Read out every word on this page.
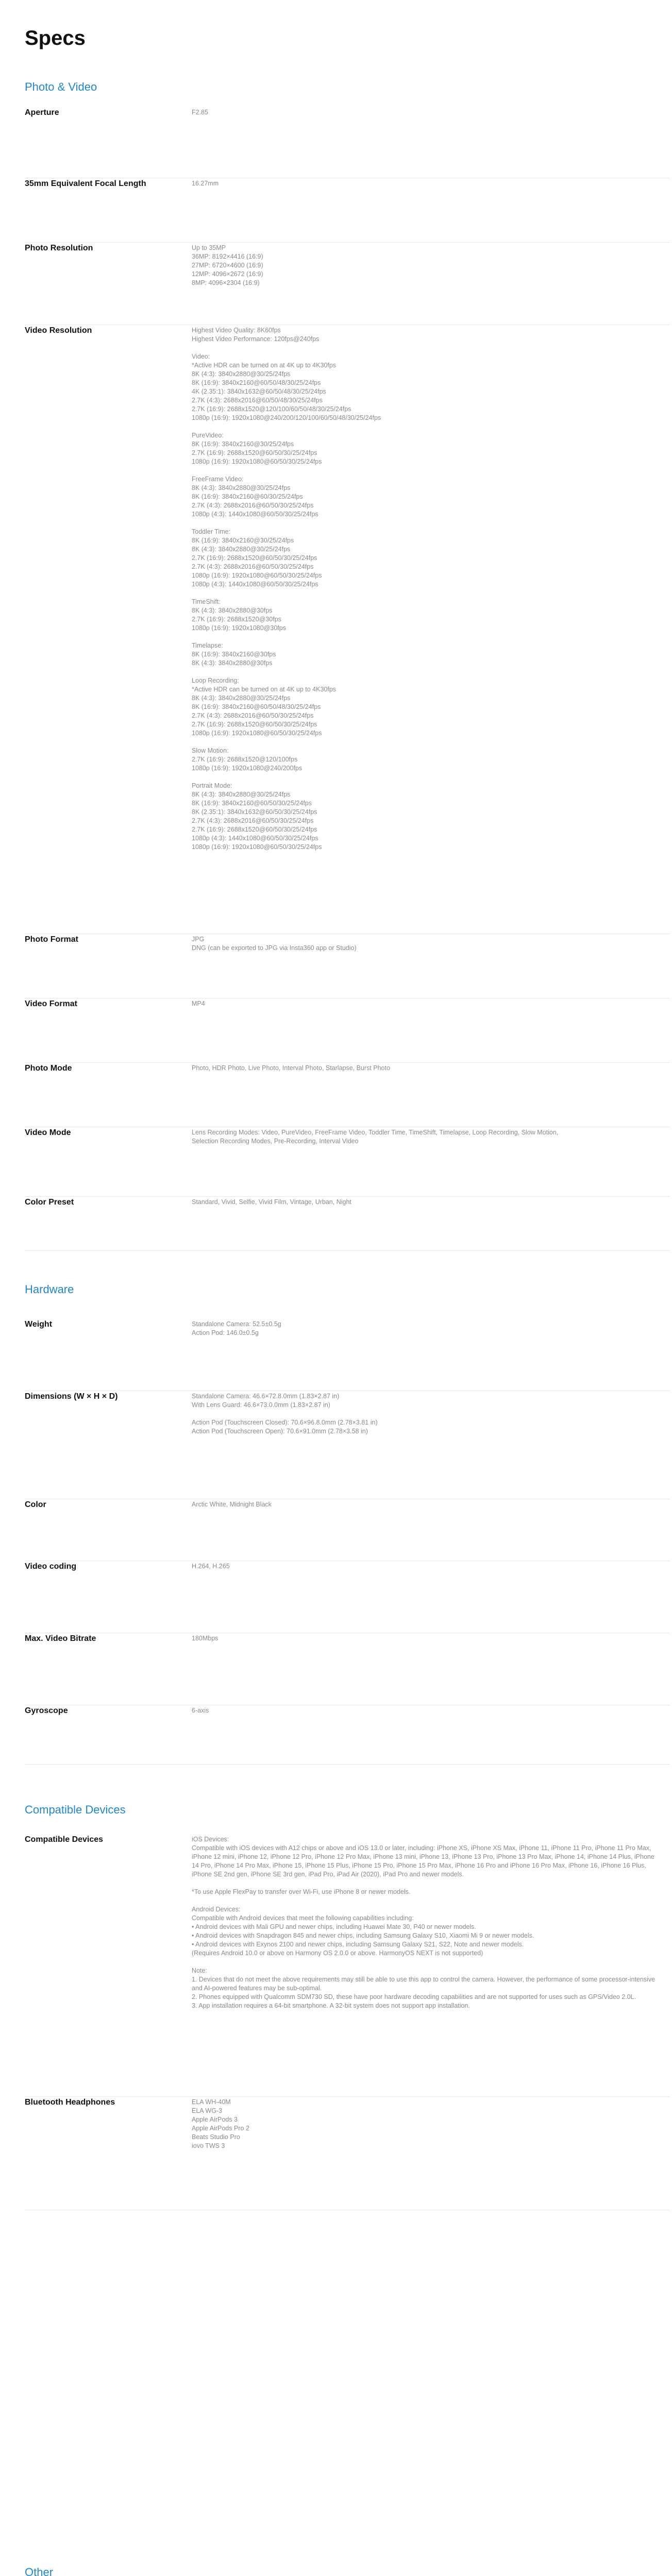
Specs
Photo & Video
Aperture	F2.85
35mm Equivalent Focal Length	16.27mm
Photo Resolution	Up to 35MP
36MP: 8192×4416 (16:9)
27MP: 6720×4600 (16:9)
12MP: 4096×2672 (16:9)
8MP: 4096×2304 (16:9)
Video Resolution	Highest Video Quality: 8K60fps
Highest Video Performance: 120fps@240fps

Video:
*Active HDR can be turned on at 4K up to 4K30fps
8K (4:3): 3840x2880@30/25/24fps
8K (16:9): 3840x2160@60/50/48/30/25/24fps
4K (2.35:1): 3840x1632@60/50/48/30/25/24fps
2.7K (4:3): 2688x2016@60/50/48/30/25/24fps
2.7K (16:9): 2688x1520@120/100/60/50/48/30/25/24fps
1080p (16:9): 1920x1080@240/200/120/100/60/50/48/30/25/24fps

PureVideo:
8K (16:9): 3840x2160@30/25/24fps
2.7K (16:9): 2688x1520@60/50/30/25/24fps
1080p (16:9): 1920x1080@60/50/30/25/24fps

FreeFrame Video:
8K (4:3): 3840x2880@30/25/24fps
8K (16:9): 3840x2160@60/30/25/24fps
2.7K (4:3): 2688x2016@60/50/30/25/24fps
1080p (4:3): 1440x1080@60/50/30/25/24fps

Toddler Time:
8K (16:9): 3840x2160@30/25/24fps
8K (4:3): 3840x2880@30/25/24fps
2.7K (16:9): 2688x1520@60/50/30/25/24fps
2.7K (4:3): 2688x2016@60/50/30/25/24fps
1080p (16:9): 1920x1080@60/50/30/25/24fps
1080p (4:3): 1440x1080@60/50/30/25/24fps

TimeShift:
8K (4:3): 3840x2880@30fps
2.7K (16:9): 2688x1520@30fps
1080p (16:9): 1920x1080@30fps

Timelapse:
8K (16:9): 3840x2160@30fps
8K (4:3): 3840x2880@30fps

Loop Recording:
*Active HDR can be turned on at 4K up to 4K30fps
8K (4:3): 3840x2880@30/25/24fps
8K (16:9): 3840x2160@60/50/48/30/25/24fps
2.7K (4:3): 2688x2016@60/50/30/25/24fps
2.7K (16:9): 2688x1520@60/50/30/25/24fps
1080p (16:9): 1920x1080@60/50/30/25/24fps

Slow Motion:
2.7K (16:9): 2688x1520@120/100fps
1080p (16:9): 1920x1080@240/200fps

Portrait Mode:
8K (4:3): 3840x2880@30/25/24fps
8K (16:9): 3840x2160@60/50/30/25/24fps
8K (2.35:1): 3840x1632@60/50/30/25/24fps
2.7K (4:3): 2688x2016@60/50/30/25/24fps
2.7K (16:9): 2688x1520@60/50/30/25/24fps
1080p (4:3): 1440x1080@60/50/30/25/24fps
1080p (16:9): 1920x1080@60/50/30/25/24fps
Photo Format	JPG
DNG (can be exported to JPG via Insta360 app or Studio)
Video Format	MP4
Photo Mode	Photo, HDR Photo, Live Photo, Interval Photo, Starlapse, Burst Photo
Video Mode	Lens Recording Modes: Video, PureVideo, FreeFrame Video, Toddler Time, TimeShift, Timelapse, Loop Recording, Slow Motion,
Selection Recording Modes, Pre-Recording, Interval Video
Color Preset	Standard, Vivid, Selfie, Vivid Film, Vintage, Urban, Night
Hardware
Weight	Standalone Camera: 52.5±0.5g
Action Pod: 146.0±0.5g
Dimensions (W × H × D)	Standalone Camera: 46.6×72.8.0mm (1.83×2.87 in)
With Lens Guard: 46.6×73.0.0mm (1.83×2.87 in)

Action Pod (Touchscreen Closed): 70.6×96.8.0mm (2.78×3.81 in)
Action Pod (Touchscreen Open): 70.6×91.0mm (2.78×3.58 in)
Color	Arctic White, Midnight Black
Video coding	H.264, H.265
Max. Video Bitrate	180Mbps
Gyroscope	6-axis
Compatible Devices
Compatible Devices	iOS Devices:
Compatible with iOS devices with A12 chips or above and iOS 13.0 or later, including: iPhone XS, iPhone XS Max, iPhone 11, iPhone 11 Pro, iPhone 11 Pro Max, iPhone 12 mini, iPhone 12, iPhone 12 Pro, iPhone 12 Pro Max, iPhone 13 mini, iPhone 13, iPhone 13 Pro, iPhone 13 Pro Max, iPhone 14, iPhone 14 Plus, iPhone 14 Pro, iPhone 14 Pro Max, iPhone 15, iPhone 15 Plus, iPhone 15 Pro, iPhone 15 Pro Max, iPhone 16 Pro and iPhone 16 Pro Max, iPhone 16, iPhone 16 Plus, iPhone SE 2nd gen, iPhone SE 3rd gen, iPad Pro, iPad Air (2020), iPad Pro and newer models.

*To use Apple FlexPay to transfer over Wi-Fi, use iPhone 8 or newer models.

Android Devices:
Compatible with Android devices that meet the following capabilities including:
• Android devices with Mali GPU and newer chips, including Huawei Mate 30, P40 or newer models.
• Android devices with Snapdragon 845 and newer chips, including Samsung Galaxy S10, Xiaomi Mi 9 or newer models.
• Android devices with Exynos 2100 and newer chips, including Samsung Galaxy S21, S22, Note and newer models.
(Requires Android 10.0 or above on Harmony OS 2.0.0 or above. HarmonyOS NEXT is not supported)

Note:
1. Devices that do not meet the above requirements may still be able to use this app to control the camera. However, the performance of some processor-intensive and AI-powered features may be sub-optimal.
2. Phones equipped with Qualcomm SDM730 SD, these have poor hardware decoding capabilities and are not supported for uses such as GPS/Video 2.0L.
3. App installation requires a 64-bit smartphone. A 32-bit system does not support app installation.
Bluetooth Headphones	ELA WH-40M
ELA WG-3
Apple AirPods 3
Apple AirPods Pro 2
Beats Studio Pro
iovo TWS 3
Other
